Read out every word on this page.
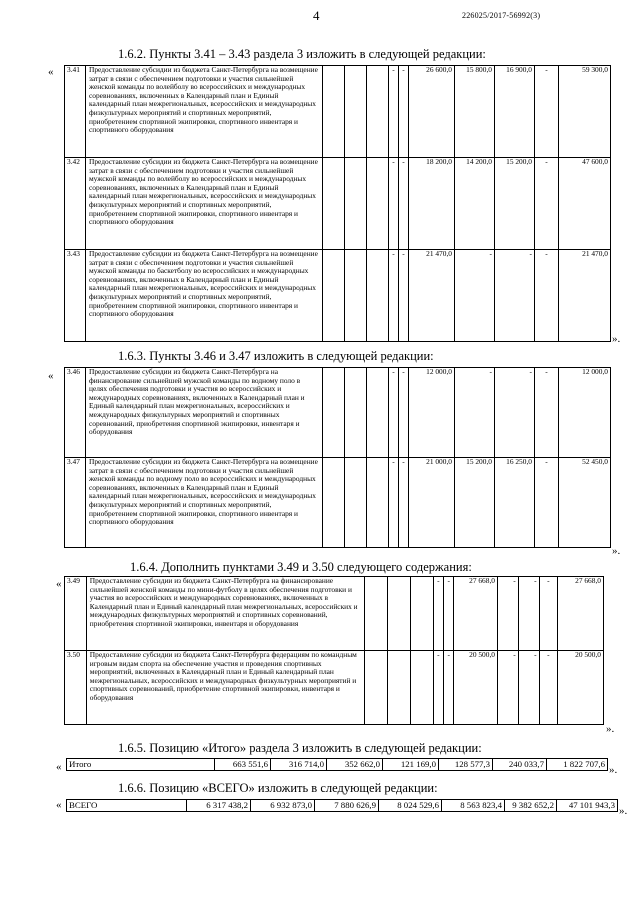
4	226025/2017-56992(3)
1.6.2. Пункты 3.41 – 3.43 раздела 3 изложить в следующей редакции:
« 3.41	Предоставление субсидии из бюджета Санкт-Петербурга на возмещение затрат в связи с обеспечением подготовки и участия сильнейшей женской команды по волейболу во всероссийских и международных соревнованиях, включенных в Календарный план и Единый календарный план межрегиональных, всероссийских и международных физкультурных мероприятий и спортивных мероприятий, приобретением спортивной экипировки, спортивного инвентаря и спортивного оборудования				-	-	26 600,0	15 800,0	16 900,0	-	59 300,0
3.42	Предоставление субсидии из бюджета Санкт-Петербурга на возмещение затрат в связи с обеспечением подготовки и участия сильнейшей мужской команды по волейболу во всероссийских и международных соревнованиях, включенных в Календарный план и Единый календарный план межрегиональных, всероссийских и международных физкультурных мероприятий и спортивных мероприятий, приобретением спортивной экипировки, спортивного инвентаря и спортивного оборудования				-	-	18 200,0	14 200,0	15 200,0	-	47 600,0
3.43	Предоставление субсидии из бюджета Санкт-Петербурга на возмещение затрат в связи с обеспечением подготовки и участия сильнейшей мужской команды по баскетболу во всероссийских и международных соревнованиях, включенных в Календарный план и Единый календарный план межрегиональных, всероссийских и международных физкультурных мероприятий и спортивных мероприятий, приобретением спортивной экипировки, спортивного инвентаря и спортивного оборудования				-	-	21 470,0	-	-	-	21 470,0
».
1.6.3. Пункты 3.46 и 3.47 изложить в следующей редакции:
« 3.46	Предоставление субсидии из бюджета Санкт-Петербурга на финансирование сильнейшей мужской команды по водному поло в целях обеспечения подготовки и участия во всероссийских и международных соревнованиях, включенных в Календарный план и Единый календарный план межрегиональных, всероссийских и международных физкультурных мероприятий и спортивных соревнований, приобретения спортивной экипировки, инвентаря и оборудования				-	-	12 000,0	-	-	-	12 000,0
3.47	Предоставление субсидии из бюджета Санкт-Петербурга на возмещение затрат в связи с обеспечением подготовки и участия сильнейшей женской команды по водному поло во всероссийских и международных соревнованиях, включенных в Календарный план и Единый календарный план межрегиональных, всероссийских и международных физкультурных мероприятий и спортивных мероприятий, приобретением спортивной экипировки, спортивного инвентаря и спортивного оборудования				-	-	21 000,0	15 200,0	16 250,0	-	52 450,0
».
1.6.4. Дополнить пунктами 3.49 и 3.50 следующего содержания:
« 3.49	Предоставление субсидии из бюджета Санкт-Петербурга на финансирование сильнейшей женской команды по мини-футболу в целях обеспечения подготовки и участия во всероссийских и международных соревнованиях, включенных в Календарный план и Единый календарный план межрегиональных, всероссийских и международных физкультурных мероприятий и спортивных соревнований, приобретения спортивной экипировки, инвентаря и оборудования				-	-	27 668,0	-	-	-	27 668,0
3.50	Предоставление субсидии из бюджета Санкт-Петербурга федерациям по командным игровым видам спорта на обеспечение участия и проведения спортивных мероприятий, включенных в Календарный план и Единый календарный план межрегиональных, всероссийских и международных физкультурных мероприятий и спортивных соревнований, приобретение спортивной экипировки, инвентаря и оборудования				-	-	20 500,0	-	-	-	20 500,0
».
1.6.5. Позицию «Итого» раздела 3 изложить в следующей редакции:
« Итого	663 551,6	316 714,0	352 662,0	121 169,0	128 577,3	240 033,7	1 822 707,6 ».
1.6.6. Позицию «ВСЕГО» изложить в следующей редакции:
« ВСЕГО	6 317 438,2	6 932 873,0	7 880 626,9	8 024 529,6	8 563 823,4	9 382 652,2	47 101 943,3 ».
